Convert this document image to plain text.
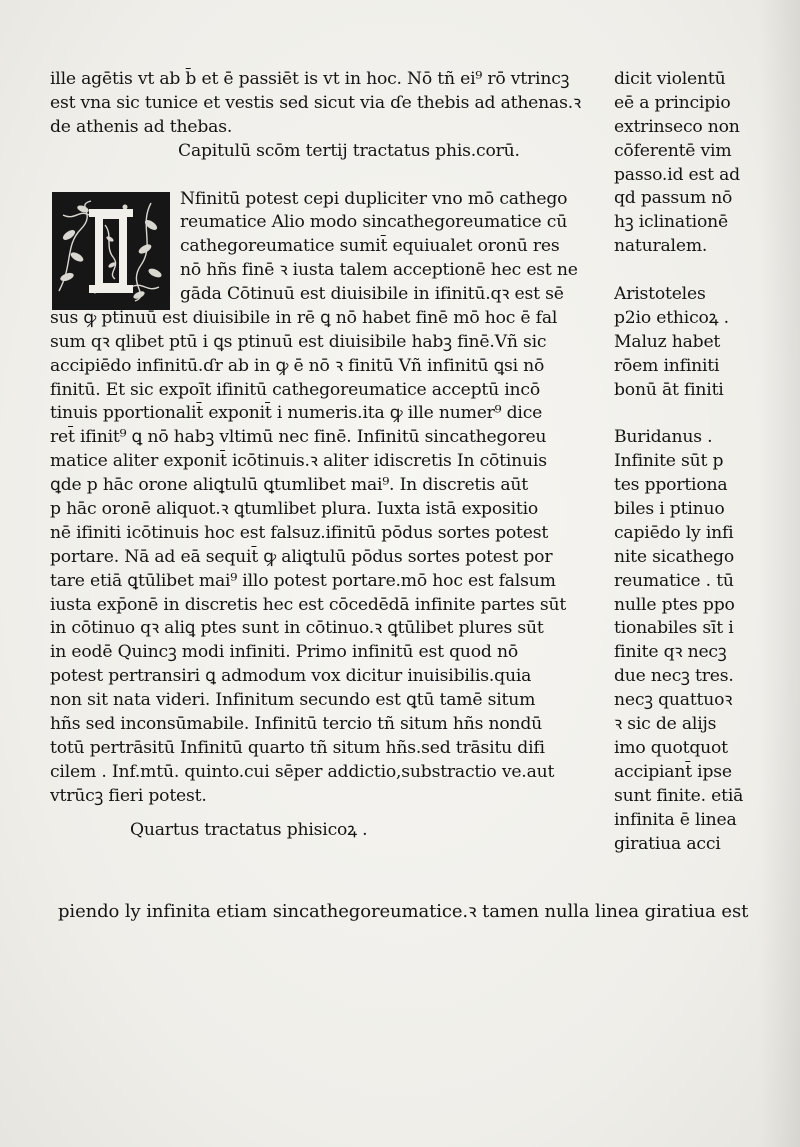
ille agētis vt ab b̄ et ē passiēt is vt in hoc. Nō tñ ei⁹ rō vtrincꝫ
est vna sic tunice et vestis sed sicut via ɗe thebis ad athenas.ꝛ
de athenis ad thebas.
Capitulū scōm tertij tractatus phis.corū.
Nfinitū potest cepi dupliciter vno mō cathego
reumatice Alio modo sincathegoreumatice cū
cathegoreumatice sumit̄ equiualet oronū res
nō hñs finē ꝛ iusta talem acceptionē hec est ne
gāda Cōtinuū est diuisibile in ifinitū.qꝛ est sē
sus ꝙ ptinuū est diuisibile in rē ꝗ nō habet finē mō hoc ē fal
sum qꝛ qlibet ptū i ꝗs ptinuū est diuisibile habꝫ finē.Vñ sic
accipiēdo infinitū.ɗr ab in ꝙ ē nō ꝛ finitū Vñ infinitū ꝗsi nō
finitū. Et sic expoīt ifinitū cathegoreumatice acceptū incō
tinuis pportionalit̄ exponit̄ i numeris.ita ꝙ ille numer⁹ dice
ret̄ ifinit⁹ ꝗ nō habꝫ vltimū nec finē. Infinitū sincathegoreu
matice aliter exponit̄ icōtinuis.ꝛ aliter idiscretis In cōtinuis
ꝗde p hāc orone aliꝗtulū ꝗtumlibet mai⁹. In discretis aūt
p hāc oronē aliquot.ꝛ ꝗtumlibet plura. Iuxta istā expositio
nē ifiniti icōtinuis hoc est falsuz.ifinitū pōdus sortes potest
portare. Nā ad eā sequit̄ ꝙ aliꝗtulū pōdus sortes potest por
tare etiā ꝗtūlibet mai⁹ illo potest portare.mō hoc est falsum
iusta exp̄onē in discretis hec est cōcedēdā infinite partes sūt
in cōtinuo qꝛ aliꝗ ptes sunt in cōtinuo.ꝛ ꝗtūlibet plures sūt
in eodē Quincꝫ modi infiniti. Primo infinitū est quod nō
potest pertransiri ꝗ admodum vox dicitur inuisibilis.quia
non sit nata videri. Infinitum secundo est ꝗtū tamē situm
hñs sed inconsūmabile. Infinitū tercio tñ situm hñs nondū
totū pertrāsitū Infinitū quarto tñ situm hñs.sed trāsitu difi
cilem . Inf.mtū. quinto.cui sēper addictio,substractio ve.aut
vtrūcꝫ fieri potest.
Quartus tractatus phisicoꝝ .
dicit violentū
eē a principio
extrinseco non
cōferentē vim
passo.id est ad
qd passum nō
hꝫ iclinationē
naturalem.
Aristoteles
p2io ethicoꝝ .
Maluz habet
rōem infiniti
bonū āt finiti
Buridanus .
Infinite sūt p
tes pportiona
biles i ptinuo
capiēdo ly infi
nite sicathego
reumatice . tū
nulle ptes ppo
tionabiles sīt i
finite qꝛ necꝫ
due necꝫ tres.
necꝫ quattuoꝛ
ꝛ sic de alijs
imo quotquot
accipiant̄ ipse
sunt finite. etiā
infinita ē linea
giratiua acci
piendo ly infinita etiam sincathegoreumatice.ꝛ tamen nulla linea giratiua est
